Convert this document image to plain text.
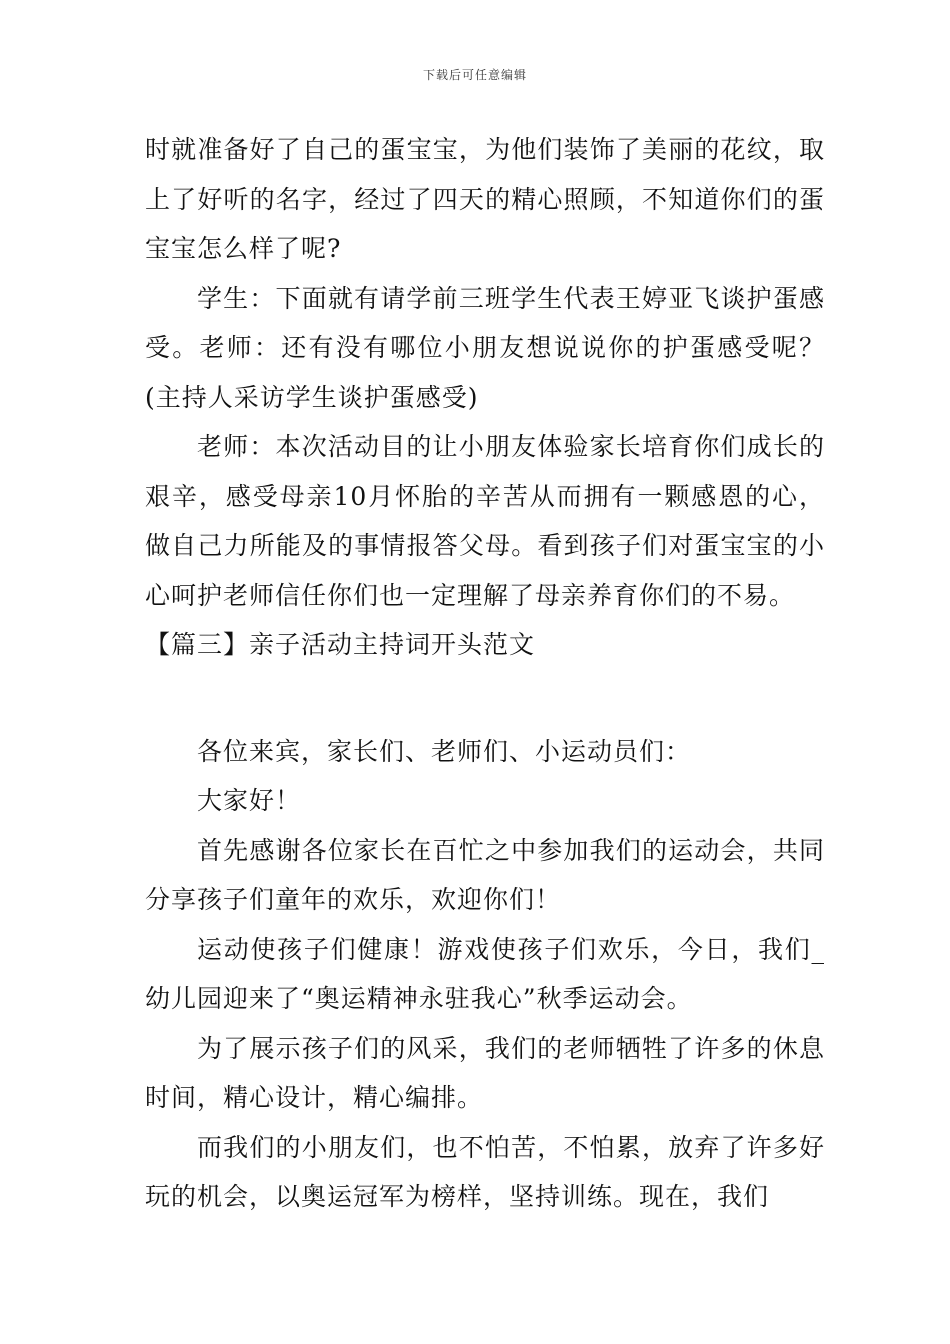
下载后可任意编辑

时就准备好了自己的蛋宝宝，为他们装饰了美丽的花纹，取上了好听的名字，经过了四天的精心照顾，不知道你们的蛋宝宝怎么样了呢?

学生：下面就有请学前三班学生代表王婷亚飞谈护蛋感受。老师：还有没有哪位小朋友想说说你的护蛋感受呢？(主持人采访学生谈护蛋感受)

老师：本次活动目的让小朋友体验家长培育你们成长的艰辛，感受母亲10月怀胎的辛苦从而拥有一颗感恩的心，做自己力所能及的事情报答父母。看到孩子们对蛋宝宝的小心呵护老师信任你们也一定理解了母亲养育你们的不易。

【篇三】亲子活动主持词开头范文

各位来宾，家长们、老师们、小运动员们：

大家好！

首先感谢各位家长在百忙之中参加我们的运动会，共同分享孩子们童年的欢乐，欢迎你们！

运动使孩子们健康！游戏使孩子们欢乐，今日，我们_幼儿园迎来了“奥运精神永驻我心”秋季运动会。

为了展示孩子们的风采，我们的老师牺牲了许多的休息时间，精心设计，精心编排。

而我们的小朋友们，也不怕苦，不怕累，放弃了许多好玩的机会，以奥运冠军为榜样，坚持训练。现在，我们
